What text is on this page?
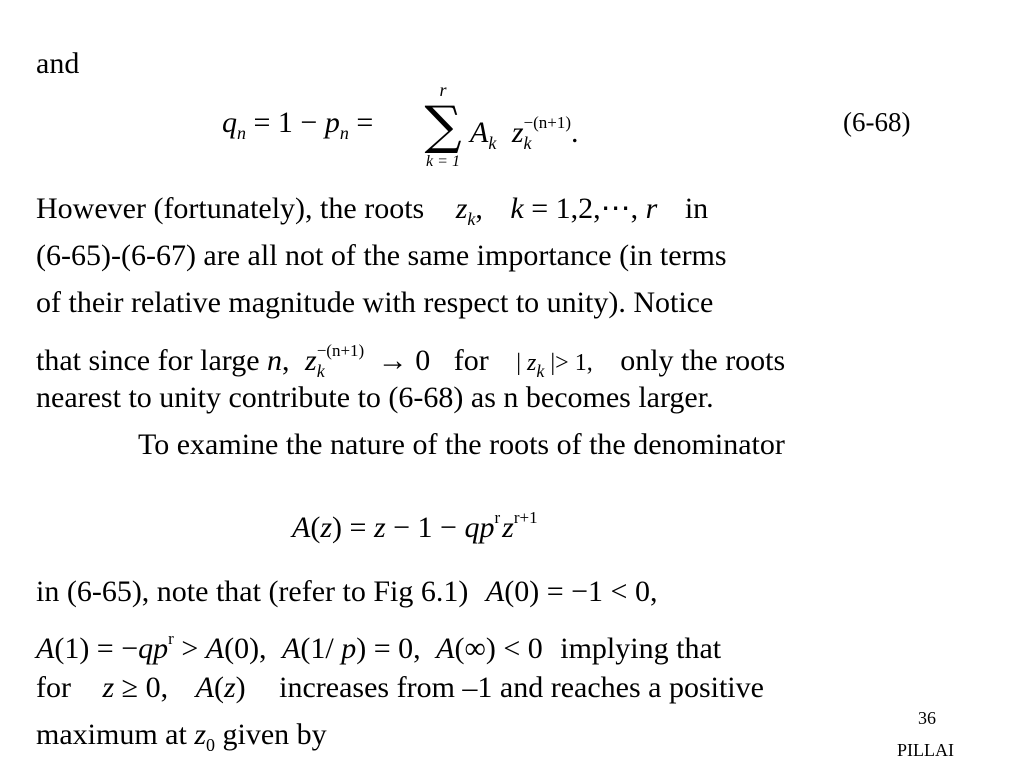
and
$q_n = 1 - p_n$ =
r
∑
k = 1
$A_k$ $z_k^{-(n+1)}$.	(6-68)
However (fortunately), the roots $z_k$, k = 1,2,⋯, r in
(6-65)-(6-67) are all not of the same importance (in terms
of their relative magnitude with respect to unity). Notice
that since for large n, $z_k^{-(n+1)} \to 0$ for | $z_k$ |> 1, only the roots
nearest to unity contribute to (6-68) as n becomes larger.
To examine the nature of the roots of the denominator
$A(z) = z - 1 - qp^rz^{r+1}$
in (6-65), note that (refer to Fig 6.1) A(0) = −1 < 0,
$A(1) = -qp^r > A(0)$, A(1/ p) = 0, A(∞) < 0 implying that
for z ≥ 0, A(z) increases from –1 and reaches a positive
maximum at $z_0$ given by	36
PILLAI
